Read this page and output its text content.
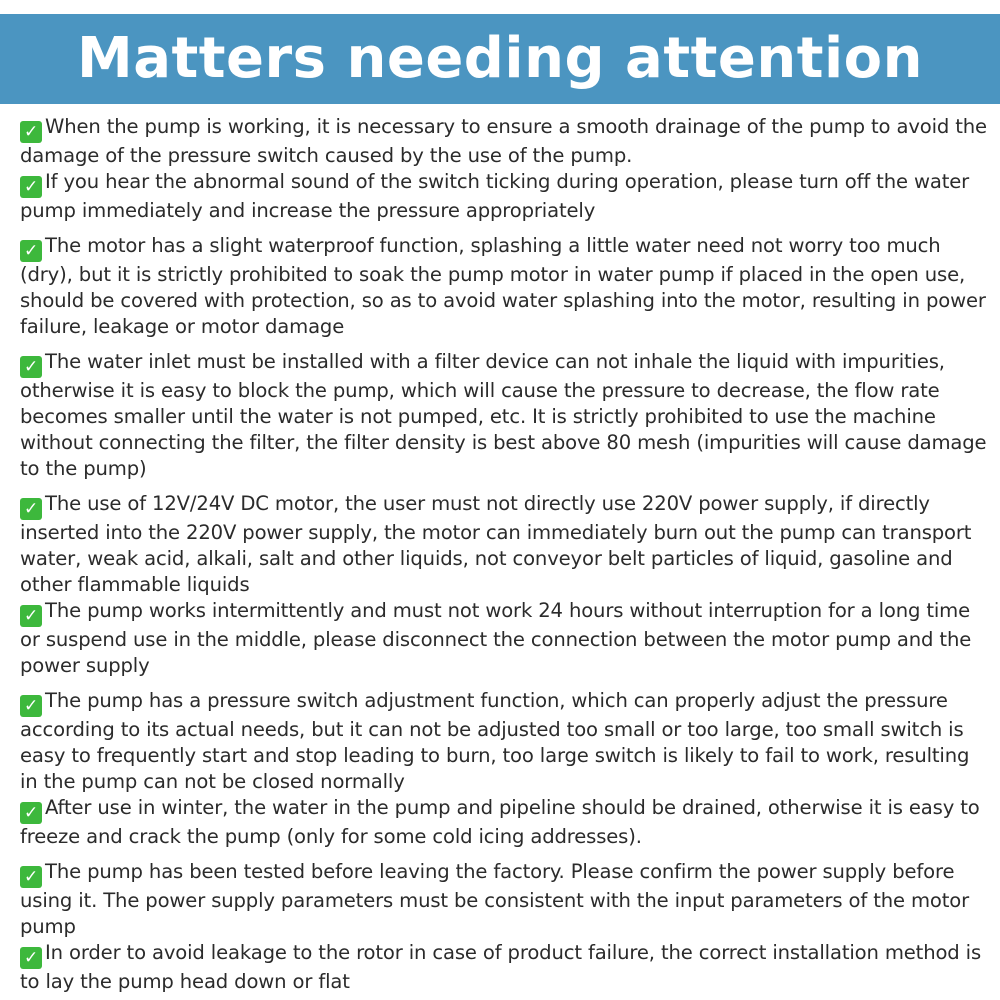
Matters needing attention

✓ When the pump is working, it is necessary to ensure a smooth drainage of the pump to avoid the damage of the pressure switch caused by the use of the pump.

✓ If you hear the abnormal sound of the switch ticking during operation, please turn off the water pump immediately and increase the pressure appropriately

✓ The motor has a slight waterproof function, splashing a little water need not worry too much (dry), but it is strictly prohibited to soak the pump motor in water pump if placed in the open use, should be covered with protection, so as to avoid water splashing into the motor, resulting in power failure, leakage or motor damage

✓ The water inlet must be installed with a filter device can not inhale the liquid with impurities, otherwise it is easy to block the pump, which will cause the pressure to decrease, the flow rate becomes smaller until the water is not pumped, etc. It is strictly prohibited to use the machine without connecting the filter, the filter density is best above 80 mesh (impurities will cause damage to the pump)

✓ The use of 12V/24V DC motor, the user must not directly use 220V power supply, if directly inserted into the 220V power supply, the motor can immediately burn out the pump can transport water, weak acid, alkali, salt and other liquids, not conveyor belt particles of liquid, gasoline and other flammable liquids

✓ The pump works intermittently and must not work 24 hours without interruption for a long time or suspend use in the middle, please disconnect the connection between the motor pump and the power supply

✓ The pump has a pressure switch adjustment function, which can properly adjust the pressure according to its actual needs, but it can not be adjusted too small or too large, too small switch is easy to frequently start and stop leading to burn, too large switch is likely to fail to work, resulting in the pump can not be closed normally

✓ After use in winter, the water in the pump and pipeline should be drained, otherwise it is easy to freeze and crack the pump (only for some cold icing addresses).

✓ The pump has been tested before leaving the factory. Please confirm the power supply before using it. The power supply parameters must be consistent with the input parameters of the motor pump

✓ In order to avoid leakage to the rotor in case of product failure, the correct installation method is to lay the pump head down or flat
